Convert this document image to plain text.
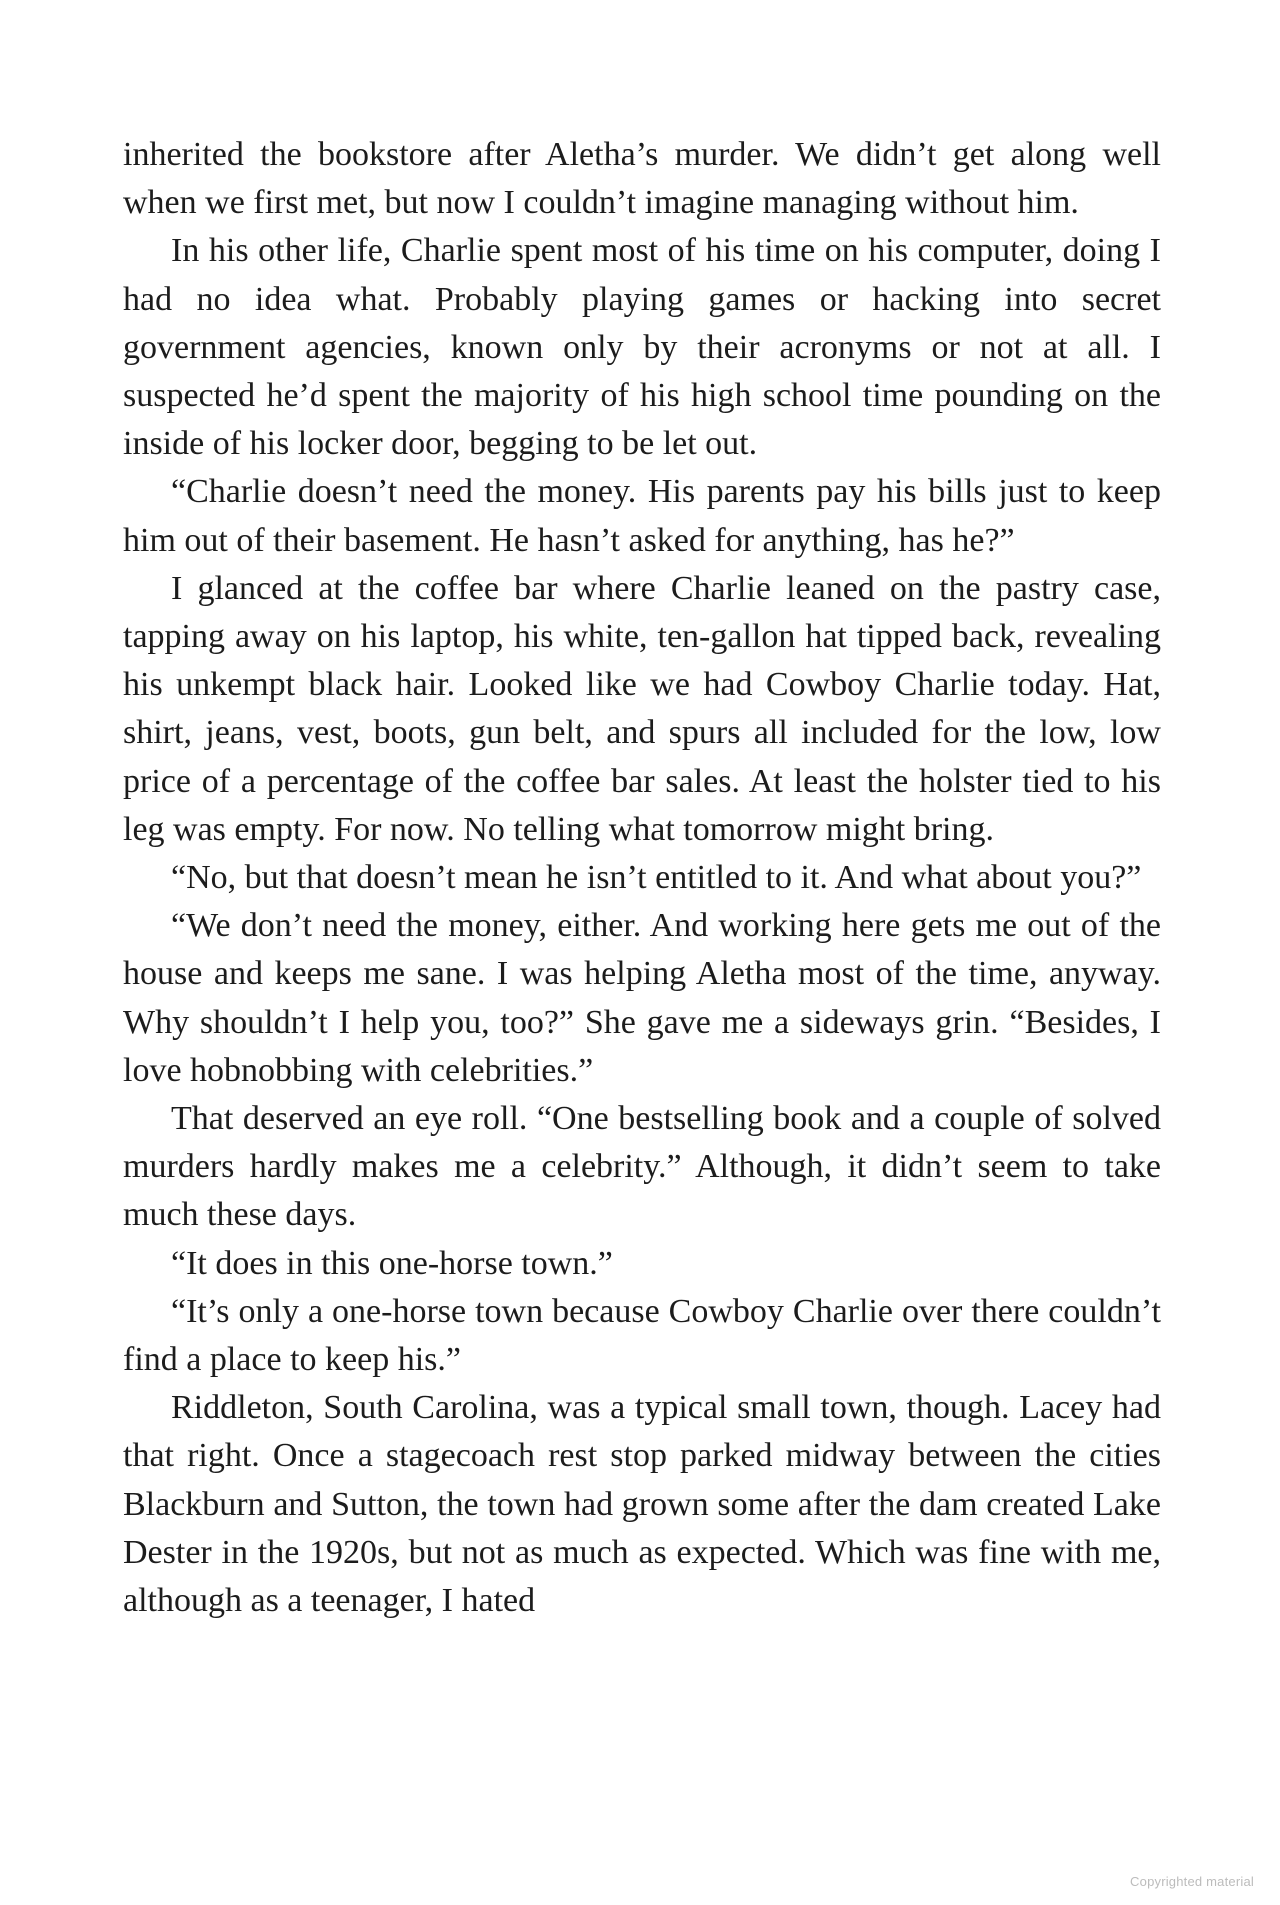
inherited the bookstore after Aletha’s murder. We didn’t get along well when we first met, but now I couldn’t imagine managing without him.

In his other life, Charlie spent most of his time on his computer, doing I had no idea what. Probably playing games or hacking into secret government agencies, known only by their acronyms or not at all. I suspected he’d spent the majority of his high school time pounding on the inside of his locker door, begging to be let out.

“Charlie doesn’t need the money. His parents pay his bills just to keep him out of their basement. He hasn’t asked for anything, has he?”

I glanced at the coffee bar where Charlie leaned on the pastry case, tapping away on his laptop, his white, ten-gallon hat tipped back, revealing his unkempt black hair. Looked like we had Cowboy Charlie today. Hat, shirt, jeans, vest, boots, gun belt, and spurs all included for the low, low price of a percentage of the coffee bar sales. At least the holster tied to his leg was empty. For now. No telling what tomorrow might bring.

“No, but that doesn’t mean he isn’t entitled to it. And what about you?”

“We don’t need the money, either. And working here gets me out of the house and keeps me sane. I was helping Aletha most of the time, anyway. Why shouldn’t I help you, too?” She gave me a sideways grin. “Besides, I love hobnobbing with celebrities.”

That deserved an eye roll. “One bestselling book and a couple of solved murders hardly makes me a celebrity.” Although, it didn’t seem to take much these days.

“It does in this one-horse town.”

“It’s only a one-horse town because Cowboy Charlie over there couldn’t find a place to keep his.”

Riddleton, South Carolina, was a typical small town, though. Lacey had that right. Once a stagecoach rest stop parked midway between the cities Blackburn and Sutton, the town had grown some after the dam created Lake Dester in the 1920s, but not as much as expected. Which was fine with me, although as a teenager, I hated

Copyrighted material
